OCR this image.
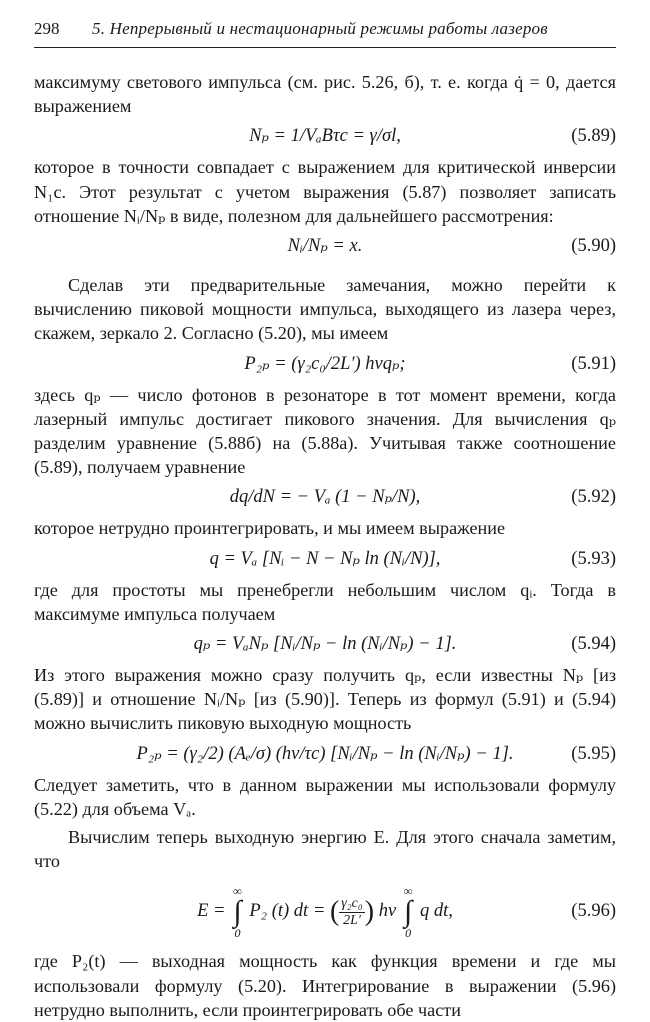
298 5. Непрерывный и нестационарный режимы работы лазеров

максимуму светового импульса (см. рис. 5.26, б), т. е. когда q̇ = 0, дается выражением

Nₚ = 1/VₐBτc = γ/σl,	(5.89)

которое в точности совпадает с выражением для критической инверсии N₁с. Этот результат с учетом выражения (5.87) позволяет записать отношение Nᵢ/Nₚ в виде, полезном для дальнейшего рассмотрения:

Nᵢ/Nₚ = x.	(5.90)

Сделав эти предварительные замечания, можно перейти к вычислению пиковой мощности импульса, выходящего из лазера через, скажем, зеркало 2. Согласно (5.20), мы имеем

P₂ₚ = (γ₂c₀/2L′) hνqₚ;	(5.91)

здесь qₚ — число фотонов в резонаторе в тот момент времени, когда лазерный импульс достигает пикового значения. Для вычисления qₚ разделим уравнение (5.88б) на (5.88а). Учитывая также соотношение (5.89), получаем уравнение

dq/dN = − Vₐ (1 − Nₚ/N),	(5.92)

которое нетрудно проинтегрировать, и мы имеем выражение

q = Vₐ [Nᵢ − N − Nₚ ln (Nᵢ/N)],	(5.93)

где для простоты мы пренебрегли небольшим числом qᵢ. Тогда в максимуме импульса получаем

qₚ = VₐNₚ [Nᵢ/Nₚ − ln (Nᵢ/Nₚ) − 1].	(5.94)

Из этого выражения можно сразу получить qₚ, если известны Nₚ [из (5.89)] и отношение Nᵢ/Nₚ [из (5.90)]. Теперь из формул (5.91) и (5.94) можно вычислить пиковую выходную мощность

P₂ₚ = (γ₂/2) (Aₑ/σ) (hν/τc) [Nᵢ/Nₚ − ln (Nᵢ/Nₚ) − 1].	(5.95)

Следует заметить, что в данном выражении мы использовали формулу (5.22) для объема Vₐ.

Вычислим теперь выходную энергию E. Для этого сначала заметим, что

E = ∞
∫
0 P₂ (t) dt = ( $\frac{\text{γ₂c₀}}{2L'}$ ) hν ∞
∫
0 q dt,	(5.96)

где P₂(t) — выходная мощность как функция времени и где мы использовали формулу (5.20). Интегрирование в выражении (5.96) нетрудно выполнить, если проинтегрировать обе части
